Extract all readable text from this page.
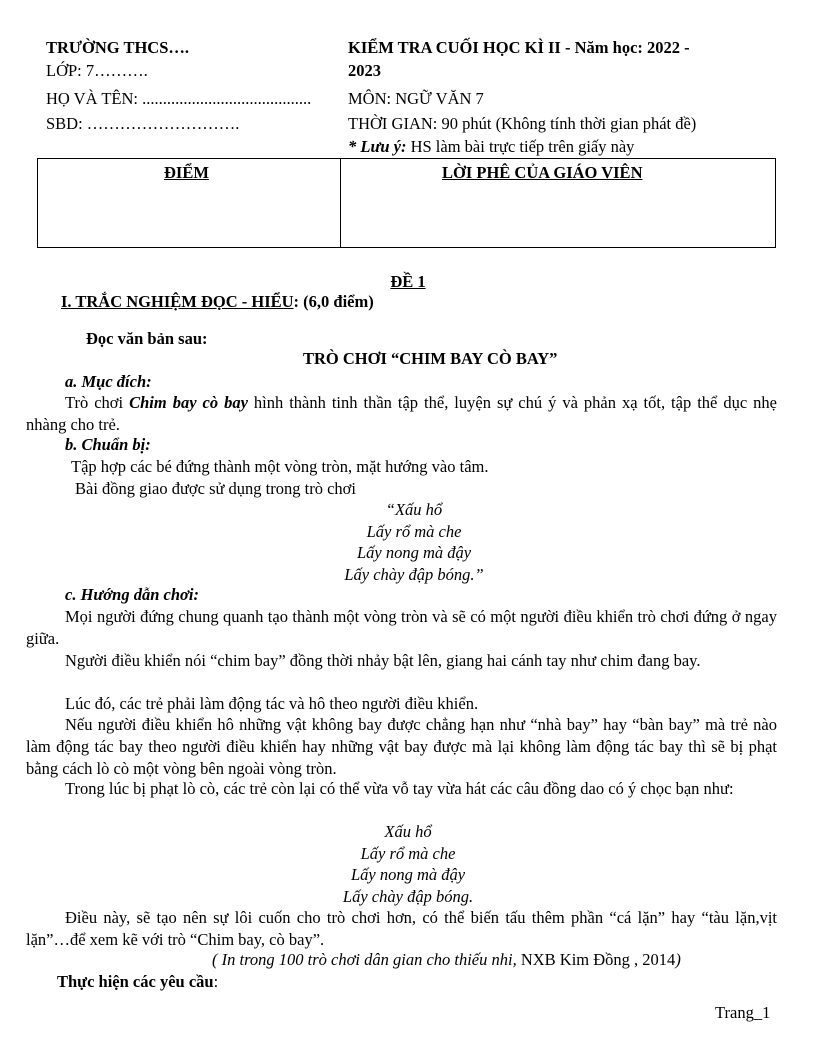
TRƯỜNG THCS….
LỚP: 7……….
HỌ VÀ TÊN: .........................................
SBD: ……………………….
KIỂM TRA CUỐI HỌC KÌ II - Năm học: 2022 -
2023
MÔN: NGỮ VĂN 7
THỜI GIAN: 90 phút (Không tính thời gian phát đề)
* Lưu ý: HS làm bài trực tiếp trên giấy này
ĐIỂM	LỜI PHÊ CỦA GIÁO VIÊN
ĐỀ 1
I. TRẮC NGHIỆM ĐỌC - HIỂU: (6,0 điểm)
Đọc văn bản sau:
TRÒ CHƠI “CHIM BAY CÒ BAY”
a. Mục đích:
Trò chơi Chim bay cò bay hình thành tinh thần tập thể, luyện sự chú ý và phản xạ tốt, tập thể dục nhẹ nhàng cho trẻ.
b. Chuẩn bị:
Tập hợp các bé đứng thành một vòng tròn, mặt hướng vào tâm.
Bài đồng giao được sử dụng trong trò chơi
“Xấu hổ
Lấy rổ mà che
Lấy nong mà đậy
Lấy chày đập bóng.”
c. Hướng dẫn chơi:
Mọi người đứng chung quanh tạo thành một vòng tròn và sẽ có một người điều khiển trò chơi đứng ở ngay giữa.
Người điều khiển nói “chim bay” đồng thời nhảy bật lên, giang hai cánh tay như chim đang bay.
Lúc đó, các trẻ phải làm động tác và hô theo người điều khiển.
Nếu người điều khiển hô những vật không bay được chẳng hạn như “nhà bay” hay “bàn bay” mà trẻ nào làm động tác bay theo người điều khiển hay những vật bay được mà lại không làm động tác bay thì sẽ bị phạt bằng cách lò cò một vòng bên ngoài vòng tròn.
Trong lúc bị phạt lò cò, các trẻ còn lại có thể vừa vỗ tay vừa hát các câu đồng dao có ý chọc bạn như:
Xấu hổ
Lấy rổ mà che
Lấy nong mà đậy
Lấy chày đập bóng.
Điều này, sẽ tạo nên sự lôi cuốn cho trò chơi hơn, có thể biến tấu thêm phần “cá lặn” hay “tàu lặn,vịt lặn”…để xem kẽ với trò “Chim bay, cò bay”.
( In trong 100 trò chơi dân gian cho thiếu nhi, NXB Kim Đồng , 2014)
Thực hiện các yêu cầu:
Trang_1
